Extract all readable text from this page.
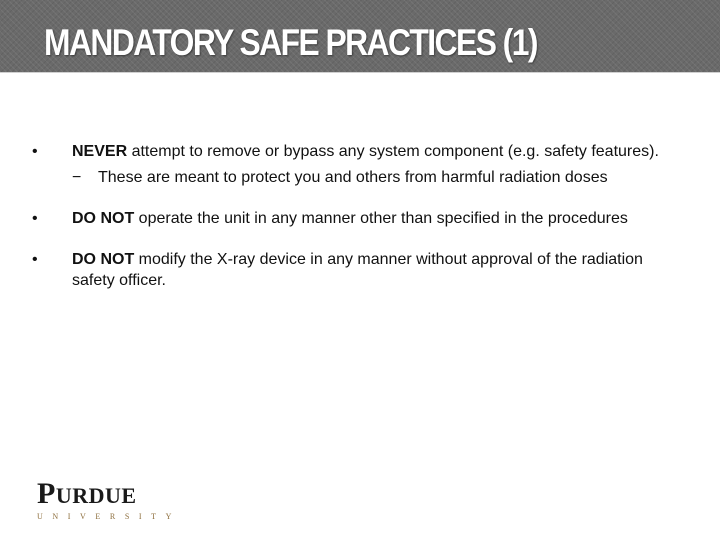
MANDATORY SAFE PRACTICES (1)
•	NEVER attempt to remove or bypass any system component (e.g. safety features).
−	These are meant to protect you and others from harmful radiation doses
•	DO NOT operate the unit in any manner other than specified in the procedures
•	DO NOT modify the X-ray device in any manner without approval of the radiation safety officer.
PURDUE
UNIVERSITY
